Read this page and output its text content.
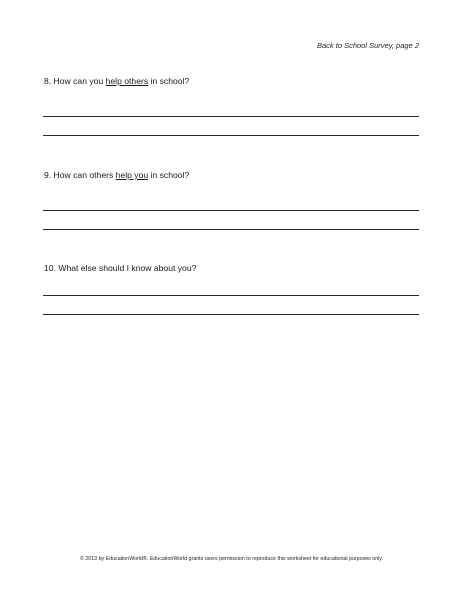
Back to School Survey, page 2
8. How can you help others in school?
9. How can others help you in school?
10. What else should I know about you?
© 2013 by EducationWorld®. EducationWorld grants users permission to reproduce this worksheet for educational purposes only.
